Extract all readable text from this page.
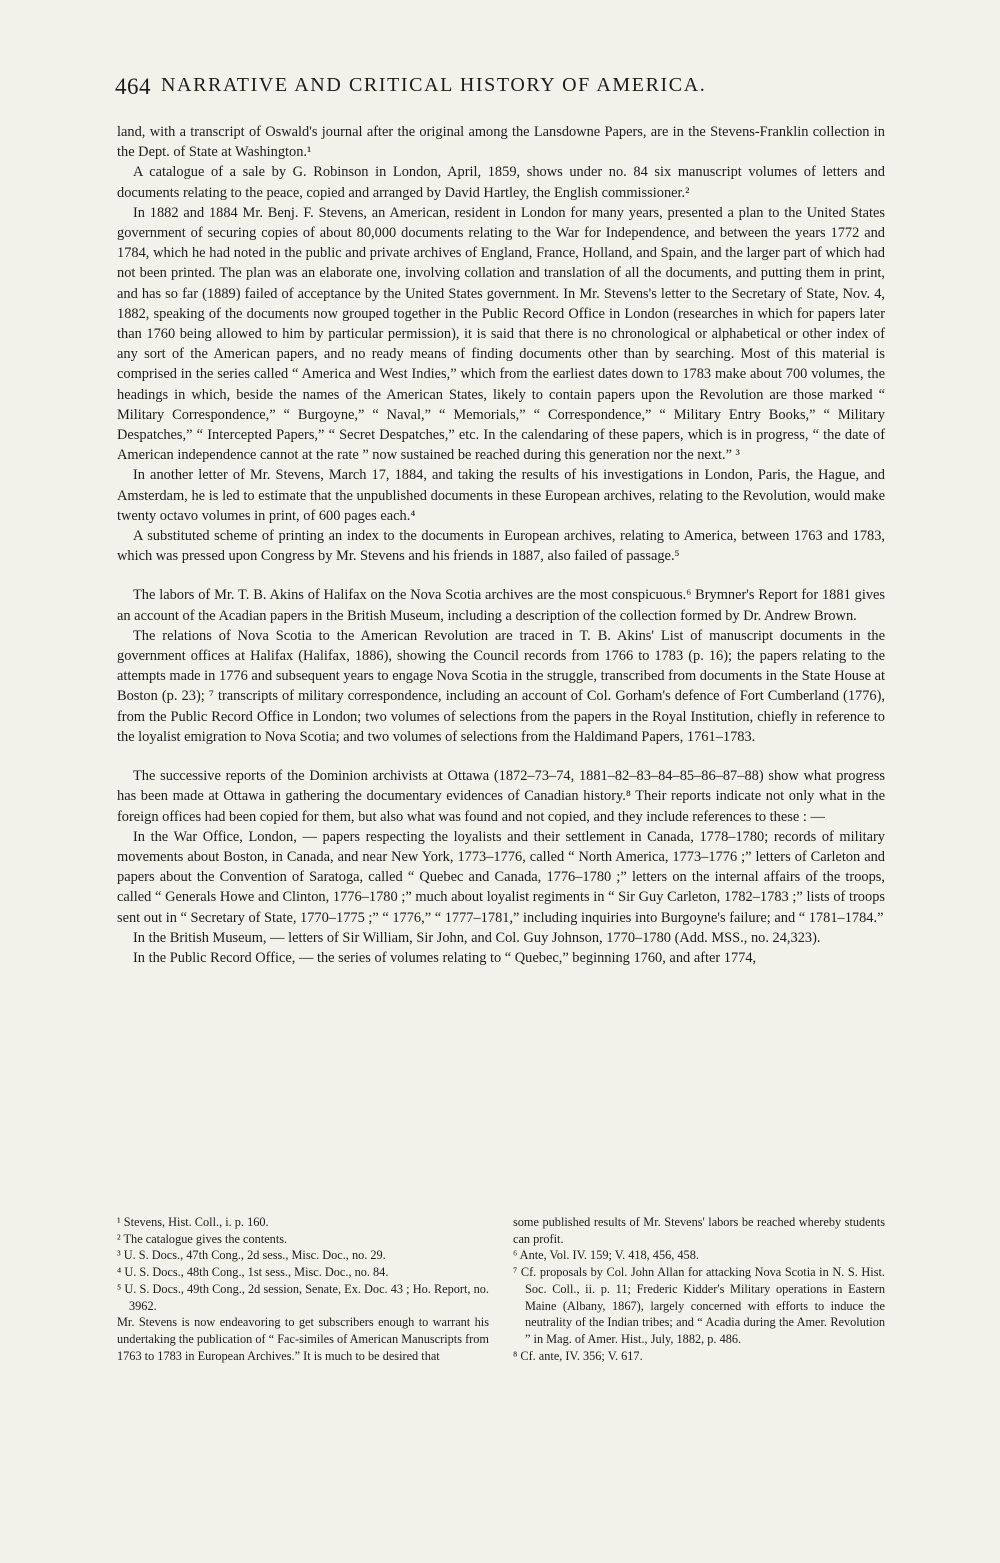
464 NARRATIVE AND CRITICAL HISTORY OF AMERICA.

land, with a transcript of Oswald's journal after the original among the Lansdowne Papers, are in the Stevens-Franklin collection in the Dept. of State at Washington.¹

A catalogue of a sale by G. Robinson in London, April, 1859, shows under no. 84 six manuscript volumes of letters and documents relating to the peace, copied and arranged by David Hartley, the English commissioner.²

In 1882 and 1884 Mr. Benj. F. Stevens, an American, resident in London for many years, presented a plan to the United States government of securing copies of about 80,000 documents relating to the War for Independence, and between the years 1772 and 1784, which he had noted in the public and private archives of England, France, Holland, and Spain, and the larger part of which had not been printed. The plan was an elaborate one, involving collation and translation of all the documents, and putting them in print, and has so far (1889) failed of acceptance by the United States government. In Mr. Stevens's letter to the Secretary of State, Nov. 4, 1882, speaking of the documents now grouped together in the Public Record Office in London (researches in which for papers later than 1760 being allowed to him by particular permission), it is said that there is no chronological or alphabetical or other index of any sort of the American papers, and no ready means of finding documents other than by searching. Most of this material is comprised in the series called “ America and West Indies,” which from the earliest dates down to 1783 make about 700 volumes, the headings in which, beside the names of the American States, likely to contain papers upon the Revolution are those marked “ Military Correspondence,” “ Burgoyne,” “ Naval,” “ Memorials,” “ Correspondence,” “ Military Entry Books,” “ Military Despatches,” “ Intercepted Papers,” “ Secret Despatches,” etc. In the calendaring of these papers, which is in progress, “ the date of American independence cannot at the rate ” now sustained be reached during this generation nor the next.” ³

In another letter of Mr. Stevens, March 17, 1884, and taking the results of his investigations in London, Paris, the Hague, and Amsterdam, he is led to estimate that the unpublished documents in these European archives, relating to the Revolution, would make twenty octavo volumes in print, of 600 pages each.⁴

A substituted scheme of printing an index to the documents in European archives, relating to America, between 1763 and 1783, which was pressed upon Congress by Mr. Stevens and his friends in 1887, also failed of passage.⁵

The labors of Mr. T. B. Akins of Halifax on the Nova Scotia archives are the most conspicuous.⁶ Brymner's Report for 1881 gives an account of the Acadian papers in the British Museum, including a description of the collection formed by Dr. Andrew Brown.

The relations of Nova Scotia to the American Revolution are traced in T. B. Akins' List of manuscript documents in the government offices at Halifax (Halifax, 1886), showing the Council records from 1766 to 1783 (p. 16); the papers relating to the attempts made in 1776 and subsequent years to engage Nova Scotia in the struggle, transcribed from documents in the State House at Boston (p. 23); ⁷ transcripts of military correspondence, including an account of Col. Gorham's defence of Fort Cumberland (1776), from the Public Record Office in London; two volumes of selections from the papers in the Royal Institution, chiefly in reference to the loyalist emigration to Nova Scotia; and two volumes of selections from the Haldimand Papers, 1761–1783.

The successive reports of the Dominion archivists at Ottawa (1872–73–74, 1881–82–83–84–85–86–87–88) show what progress has been made at Ottawa in gathering the documentary evidences of Canadian history.⁸ Their reports indicate not only what in the foreign offices had been copied for them, but also what was found and not copied, and they include references to these : —

In the War Office, London, — papers respecting the loyalists and their settlement in Canada, 1778–1780; records of military movements about Boston, in Canada, and near New York, 1773–1776, called “ North America, 1773–1776 ;” letters of Carleton and papers about the Convention of Saratoga, called “ Quebec and Canada, 1776–1780 ;” letters on the internal affairs of the troops, called “ Generals Howe and Clinton, 1776–1780 ;” much about loyalist regiments in “ Sir Guy Carleton, 1782–1783 ;” lists of troops sent out in “ Secretary of State, 1770–1775 ;” “ 1776,” “ 1777–1781,” including inquiries into Burgoyne's failure; and “ 1781–1784.”

In the British Museum, — letters of Sir William, Sir John, and Col. Guy Johnson, 1770–1780 (Add. MSS., no. 24,323).

In the Public Record Office, — the series of volumes relating to “ Quebec,” beginning 1760, and after 1774,

¹ Stevens, Hist. Coll., i. p. 160.

² The catalogue gives the contents.

³ U. S. Docs., 47th Cong., 2d sess., Misc. Doc., no. 29.

⁴ U. S. Docs., 48th Cong., 1st sess., Misc. Doc., no. 84.

⁵ U. S. Docs., 49th Cong., 2d session, Senate, Ex. Doc. 43 ; Ho. Report, no. 3962.

Mr. Stevens is now endeavoring to get subscribers enough to warrant his undertaking the publication of “ Fac-similes of American Manuscripts from 1763 to 1783 in European Archives.” It is much to be desired that

some published results of Mr. Stevens' labors be reached whereby students can profit.

⁶ Ante, Vol. IV. 159; V. 418, 456, 458.

⁷ Cf. proposals by Col. John Allan for attacking Nova Scotia in N. S. Hist. Soc. Coll., ii. p. 11; Frederic Kidder's Military operations in Eastern Maine (Albany, 1867), largely concerned with efforts to induce the neutrality of the Indian tribes; and “ Acadia during the Amer. Revolution ” in Mag. of Amer. Hist., July, 1882, p. 486.

⁸ Cf. ante, IV. 356; V. 617.
